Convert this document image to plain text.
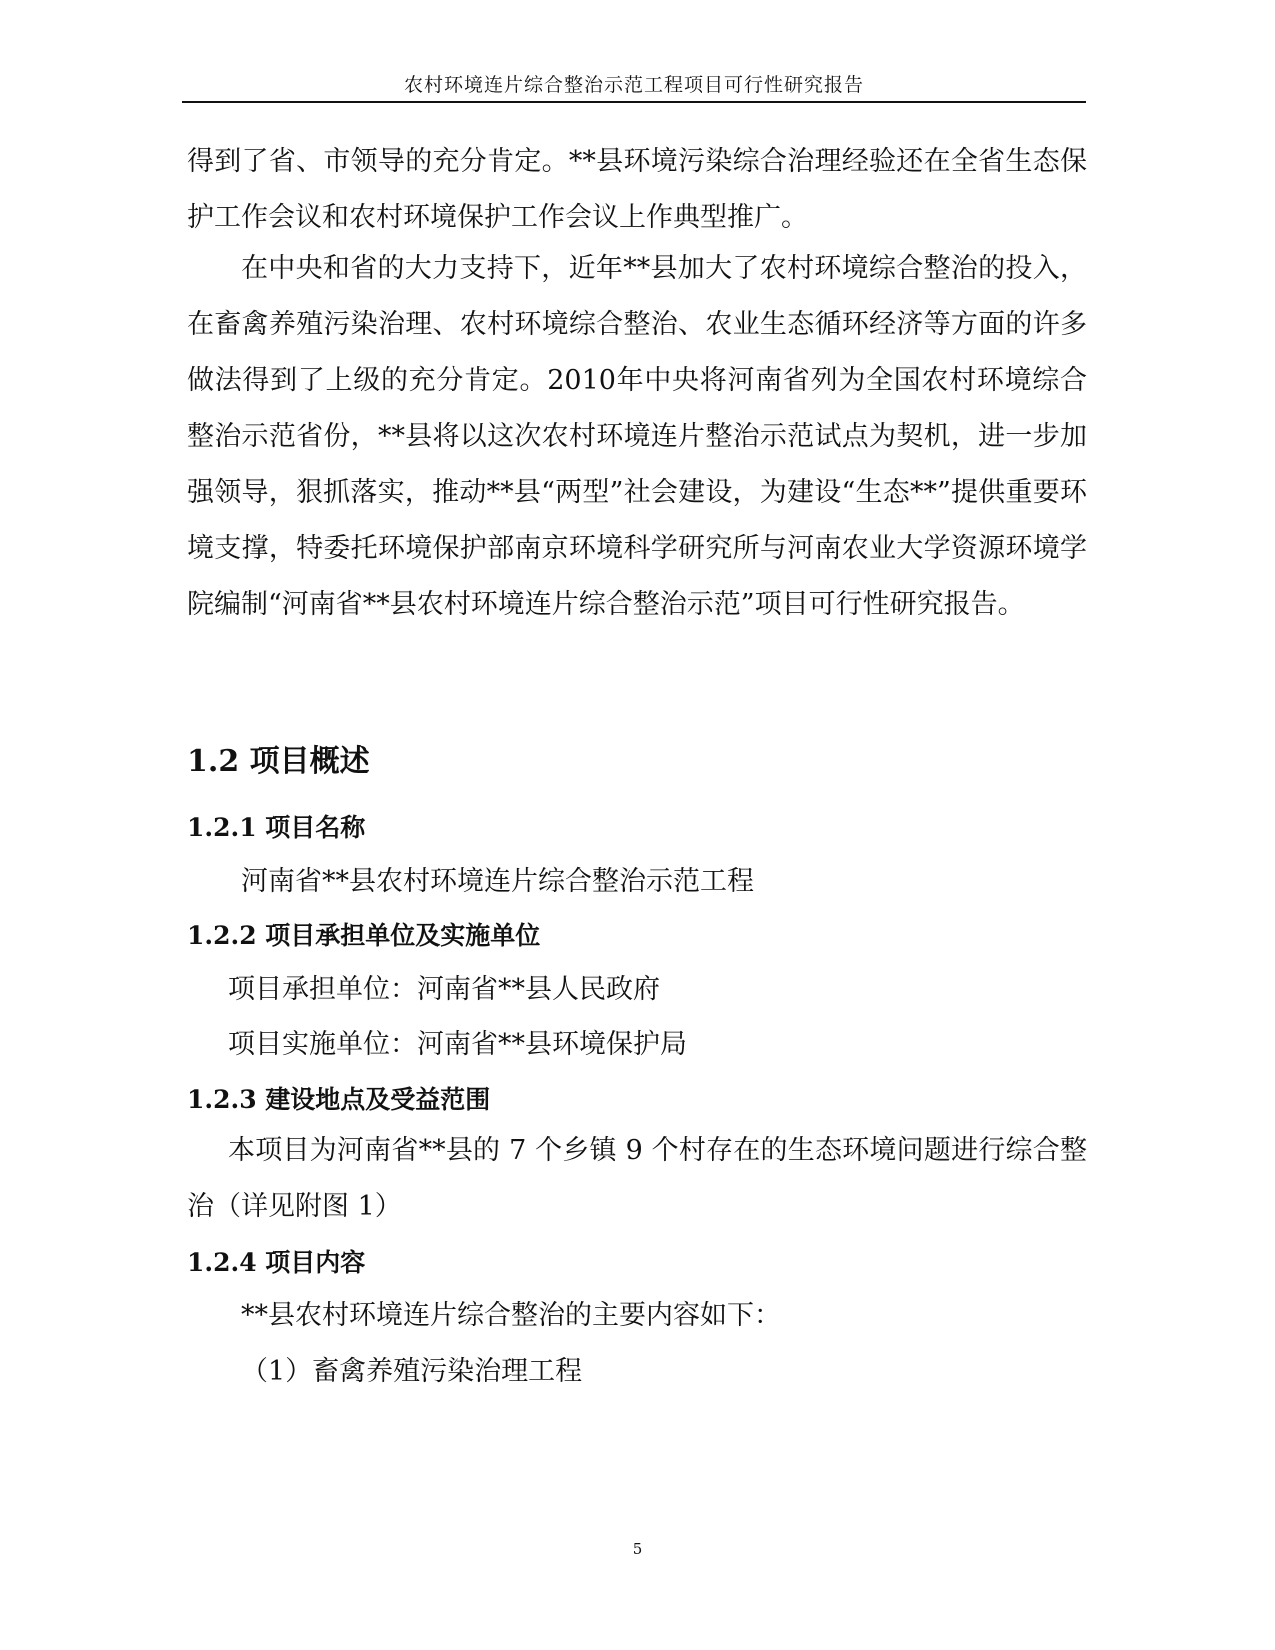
农村环境连片综合整治示范工程项目可行性研究报告

得到了省、市领导的充分肯定。**县环境污染综合治理经验还在全省生态保护工作会议和农村环境保护工作会议上作典型推广。

在中央和省的大力支持下，近年**县加大了农村环境综合整治的投入，在畜禽养殖污染治理、农村环境综合整治、农业生态循环经济等方面的许多做法得到了上级的充分肯定。2010年中央将河南省列为全国农村环境综合整治示范省份，**县将以这次农村环境连片整治示范试点为契机，进一步加强领导，狠抓落实，推动**县“两型”社会建设，为建设“生态**”提供重要环境支撑，特委托环境保护部南京环境科学研究所与河南农业大学资源环境学院编制“河南省**县农村环境连片综合整治示范”项目可行性研究报告。

1.2 项目概述
1.2.1 项目名称
河南省**县农村环境连片综合整治示范工程
1.2.2 项目承担单位及实施单位
项目承担单位：河南省**县人民政府
项目实施单位：河南省**县环境保护局
1.2.3 建设地点及受益范围

本项目为河南省**县的 7 个乡镇 9 个村存在的生态环境问题进行综合整治（详见附图 1）

1.2.4 项目内容
**县农村环境连片综合整治的主要内容如下：
（1）畜禽养殖污染治理工程
5
